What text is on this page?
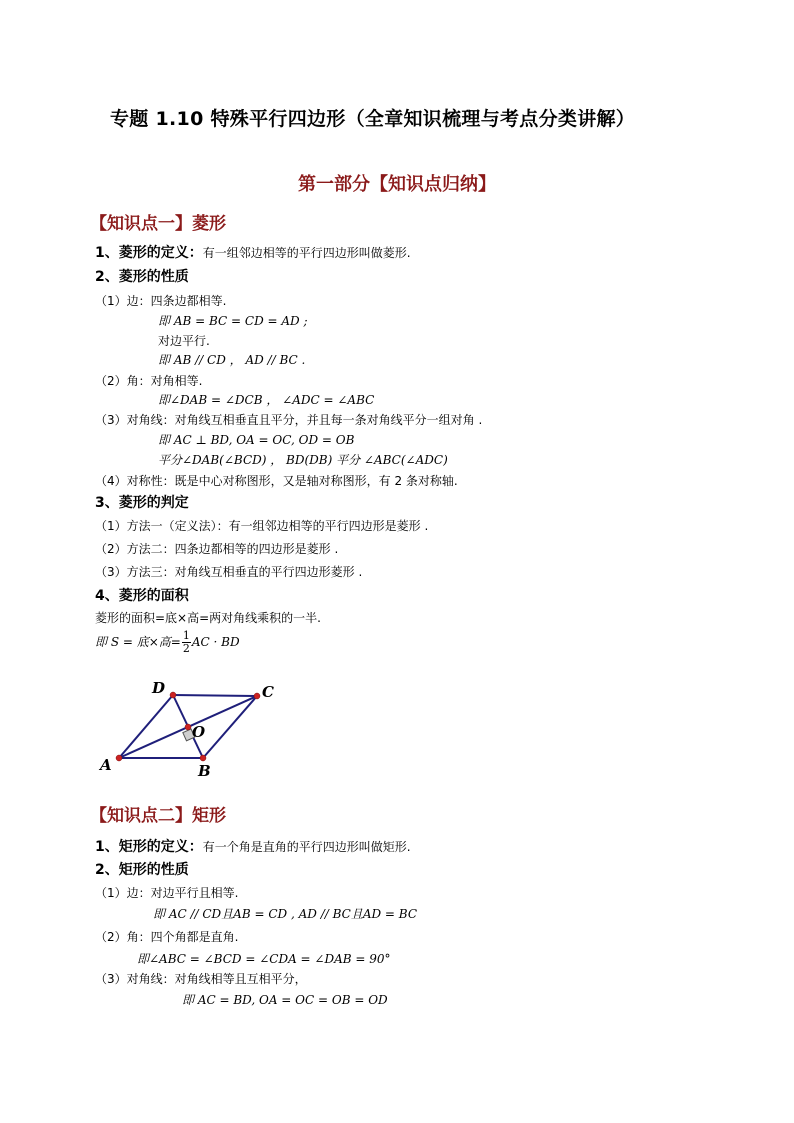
专题 1.10 特殊平行四边形（全章知识梳理与考点分类讲解）
第一部分【知识点归纳】
【知识点一】菱形
1、菱形的定义：有一组邻边相等的平行四边形叫做菱形.
2、菱形的性质
（1）边：四条边都相等.
即 AB = BC = CD = AD ;
对边平行.
即 AB // CD ， AD // BC .
（2）角：对角相等.
即∠DAB = ∠DCB ， ∠ADC = ∠ABC
（3）对角线：对角线互相垂直且平分，并且每一条对角线平分一组对角 .
即 AC ⊥ BD, OA = OC, OD = OB
平分∠DAB(∠BCD) ， BD(DB) 平分 ∠ABC(∠ADC)
（4）对称性：既是中心对称图形，又是轴对称图形，有 2 条对称轴.
3、菱形的判定
（1）方法一（定义法）：有一组邻边相等的平行四边形是菱形 .
（2）方法二：四条边都相等的四边形是菱形 .
（3）方法三：对角线互相垂直的平行四边形菱形 .
4、菱形的面积
菱形的面积=底×高=两对角线乘积的一半.
即 S = 底×高= $\frac{1}{2}$ AC · BD
A	B
C
D
O
【知识点二】矩形
1、矩形的定义：有一个角是直角的平行四边形叫做矩形.
2、矩形的性质
（1）边：对边平行且相等.
即 AC // CD且AB = CD , AD // BC且AD = BC
（2）角：四个角都是直角.
即∠ABC = ∠BCD = ∠CDA = ∠DAB = 90°
（3）对角线：对角线相等且互相平分，
即 AC = BD, OA = OC = OB = OD
